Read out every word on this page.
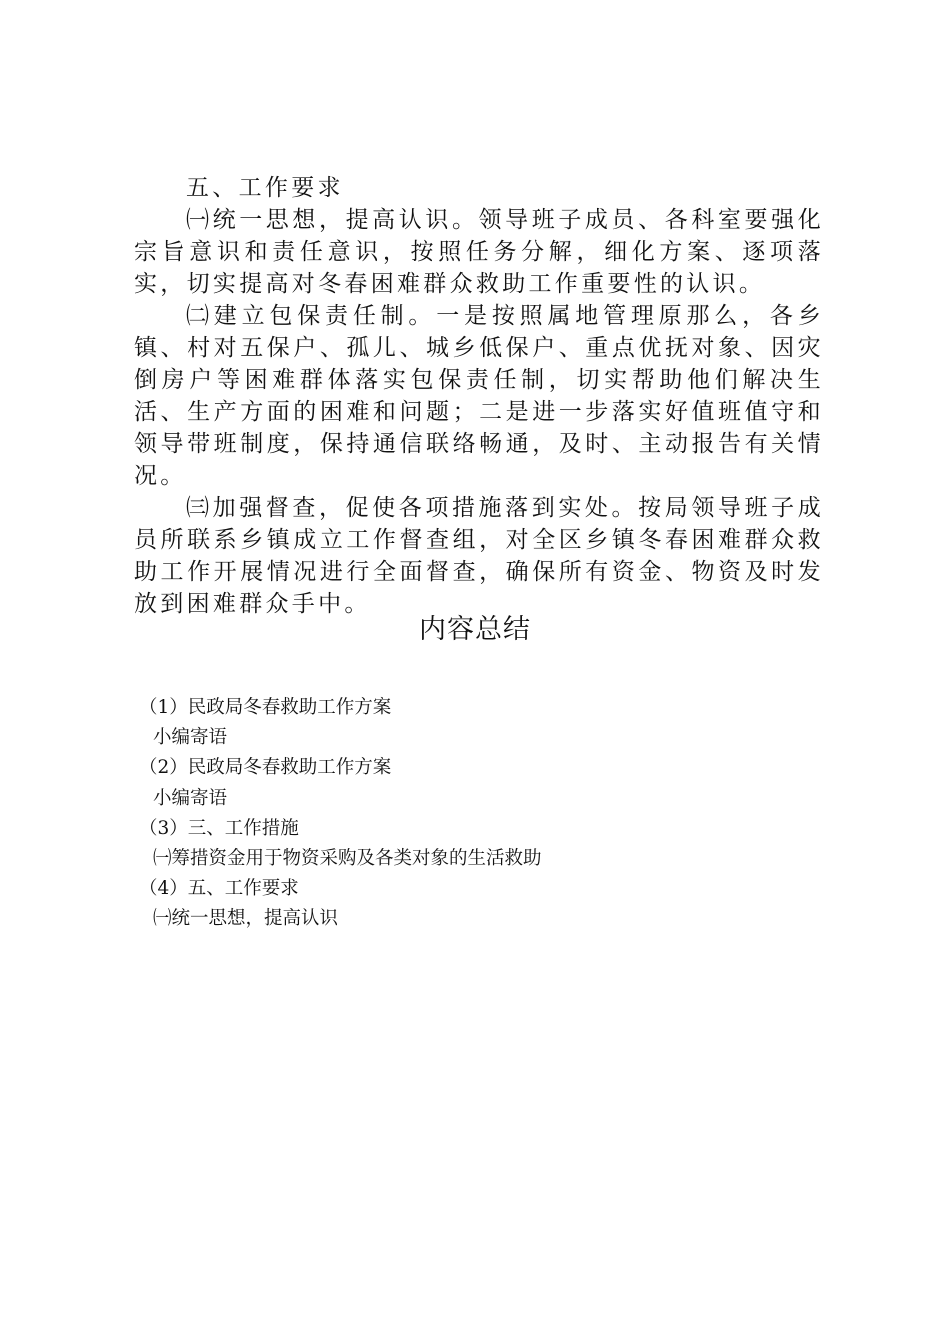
五、工作要求

㈠统一思想，提高认识。领导班子成员、各科室要强化宗旨意识和责任意识，按照任务分解，细化方案、逐项落实，切实提高对冬春困难群众救助工作重要性的认识。

㈡建立包保责任制。一是按照属地管理原那么，各乡镇、村对五保户、孤儿、城乡低保户、重点优抚对象、因灾倒房户等困难群体落实包保责任制，切实帮助他们解决生活、生产方面的困难和问题；二是进一步落实好值班值守和领导带班制度，保持通信联络畅通，及时、主动报告有关情况。

㈢加强督查，促使各项措施落到实处。按局领导班子成员所联系乡镇成立工作督查组，对全区乡镇冬春困难群众救助工作开展情况进行全面督查，确保所有资金、物资及时发放到困难群众手中。

内容总结
（1）民政局冬春救助工作方案
小编寄语
（2）民政局冬春救助工作方案
小编寄语
（3）三、工作措施
㈠筹措资金用于物资采购及各类对象的生活救助
（4）五、工作要求
㈠统一思想，提高认识
